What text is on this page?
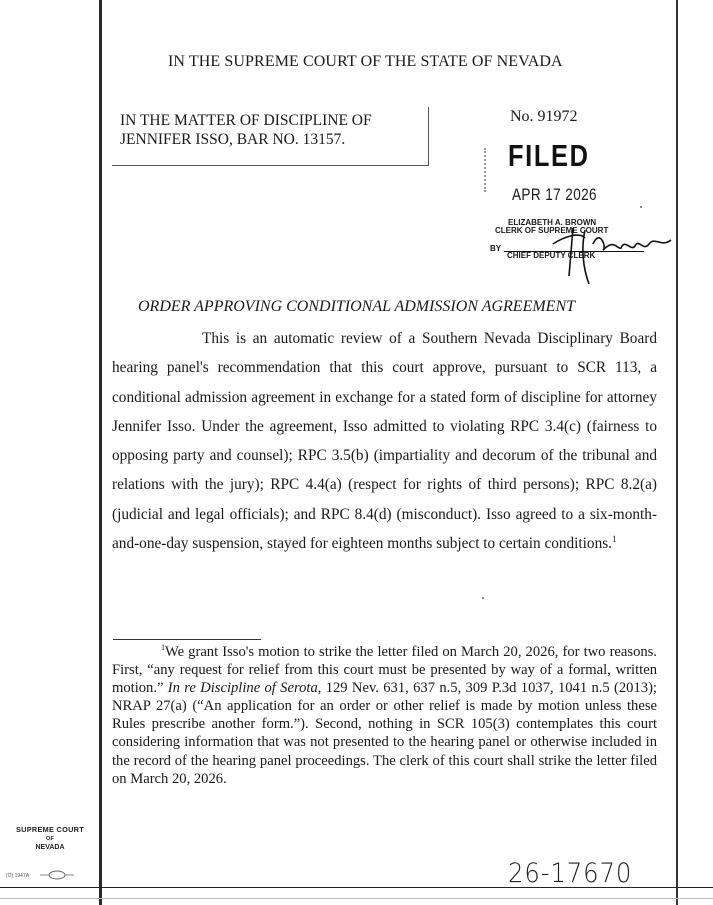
IN THE SUPREME COURT OF THE STATE OF NEVADA
IN THE MATTER OF DISCIPLINE OF
JENNIFER ISSO, BAR NO. 13157.
No. 91972
FILED
APR 17 2026
ELIZABETH A. BROWN
CLERK OF SUPREME COURT
BY
CHIEF DEPUTY CLERK
ORDER APPROVING CONDITIONAL ADMISSION AGREEMENT

This is an automatic review of a Southern Nevada Disciplinary Board hearing panel's recommendation that this court approve, pursuant to SCR 113, a conditional admission agreement in exchange for a stated form of discipline for attorney Jennifer Isso. Under the agreement, Isso admitted to violating RPC 3.4(c) (fairness to opposing party and counsel); RPC 3.5(b) (impartiality and decorum of the tribunal and relations with the jury); RPC 4.4(a) (respect for rights of third persons); RPC 8.2(a) (judicial and legal officials); and RPC 8.4(d) (misconduct). Isso agreed to a six-month-and-one-day suspension, stayed for eighteen months subject to certain conditions.$^1$

$^1$We grant Isso's motion to strike the letter filed on March 20, 2026, for two reasons. First, “any request for relief from this court must be presented by way of a formal, written motion.” In re Discipline of Serota, 129 Nev. 631, 637 n.5, 309 P.3d 1037, 1041 n.5 (2013); NRAP 27(a) (“An application for an order or other relief is made by motion unless these Rules prescribe another form.”). Second, nothing in SCR 105(3) contemplates this court considering information that was not presented to the hearing panel or otherwise included in the record of the hearing panel proceedings. The clerk of this court shall strike the letter filed on March 20, 2026.

SUPREME COURT
OF
NEVADA
(O) 1947A	26-17670
